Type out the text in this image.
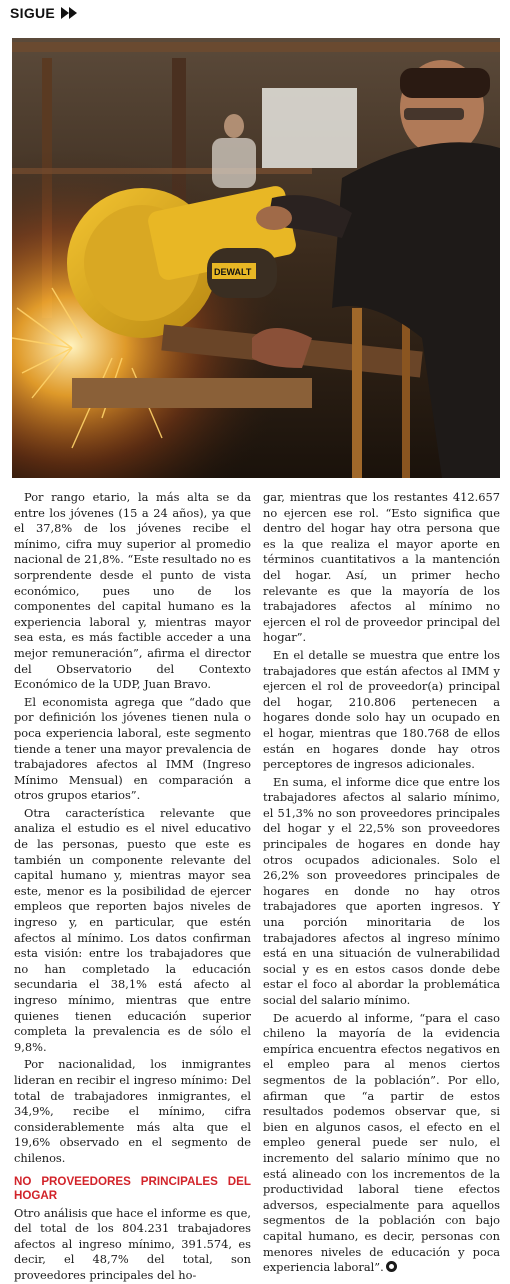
SIGUE
DEWALT

Por rango etario, la más alta se da entre los jóvenes (15 a 24 años), ya que el 37,8% de los jóvenes recibe el mínimo, cifra muy superior al promedio nacional de 21,8%. “Este resultado no es sorprendente desde el punto de vista económico, pues uno de los componentes del capital humano es la experiencia laboral y, mientras mayor sea esta, es más factible acceder a una mejor remuneración”, afirma el director del Observatorio del Contexto Económico de la UDP, Juan Bravo.

El economista agrega que “dado que por definición los jóvenes tienen nula o poca experiencia laboral, este segmento tiende a tener una mayor prevalencia de trabajadores afectos al IMM (Ingreso Mínimo Mensual) en comparación a otros grupos etarios”.

Otra característica relevante que analiza el estudio es el nivel educativo de las personas, puesto que este es también un componente relevante del capital humano y, mientras mayor sea este, menor es la posibilidad de ejercer empleos que reporten bajos niveles de ingreso y, en particular, que estén afectos al mínimo. Los datos confirman esta visión: entre los trabajadores que no han completado la educación secundaria el 38,1% está afecto al ingreso mínimo, mientras que entre quienes tienen educación superior completa la prevalencia es de sólo el 9,8%.

Por nacionalidad, los inmigrantes lideran en recibir el ingreso mínimo: Del total de trabajadores inmigrantes, el 34,9%, recibe el mínimo, cifra considerablemente más alta que el 19,6% observado en el segmento de chilenos.

NO PROVEEDORES PRINCIPALES DEL HOGAR

Otro análisis que hace el informe es que, del total de los 804.231 trabajadores afectos al ingreso mínimo, 391.574, es decir, el 48,7% del total, son proveedores principales del ho-

gar, mientras que los restantes 412.657 no ejercen ese rol. “Esto significa que dentro del hogar hay otra persona que es la que realiza el mayor aporte en términos cuantitativos a la mantención del hogar. Así, un primer hecho relevante es que la mayoría de los trabajadores afectos al mínimo no ejercen el rol de proveedor principal del hogar”.

En el detalle se muestra que entre los trabajadores que están afectos al IMM y ejercen el rol de proveedor(a) principal del hogar, 210.806 pertenecen a hogares donde solo hay un ocupado en el hogar, mientras que 180.768 de ellos están en hogares donde hay otros perceptores de ingresos adicionales.

En suma, el informe dice que entre los trabajadores afectos al salario mínimo, el 51,3% no son proveedores principales del hogar y el 22,5% son proveedores principales de hogares en donde hay otros ocupados adicionales. Solo el 26,2% son proveedores principales de hogares en donde no hay otros trabajadores que aporten ingresos. Y una porción minoritaria de los trabajadores afectos al ingreso mínimo está en una situación de vulnerabilidad social y es en estos casos donde debe estar el foco al abordar la problemática social del salario mínimo.

De acuerdo al informe, “para el caso chileno la mayoría de la evidencia empírica encuentra efectos negativos en el empleo para al menos ciertos segmentos de la población”. Por ello, afirman que “a partir de estos resultados podemos observar que, si bien en algunos casos, el efecto en el empleo general puede ser nulo, el incremento del salario mínimo que no está alineado con los incrementos de la productividad laboral tiene efectos adversos, especialmente para aquellos segmentos de la población con bajo capital humano, es decir, personas con menores niveles de educación y poca experiencia laboral”.
